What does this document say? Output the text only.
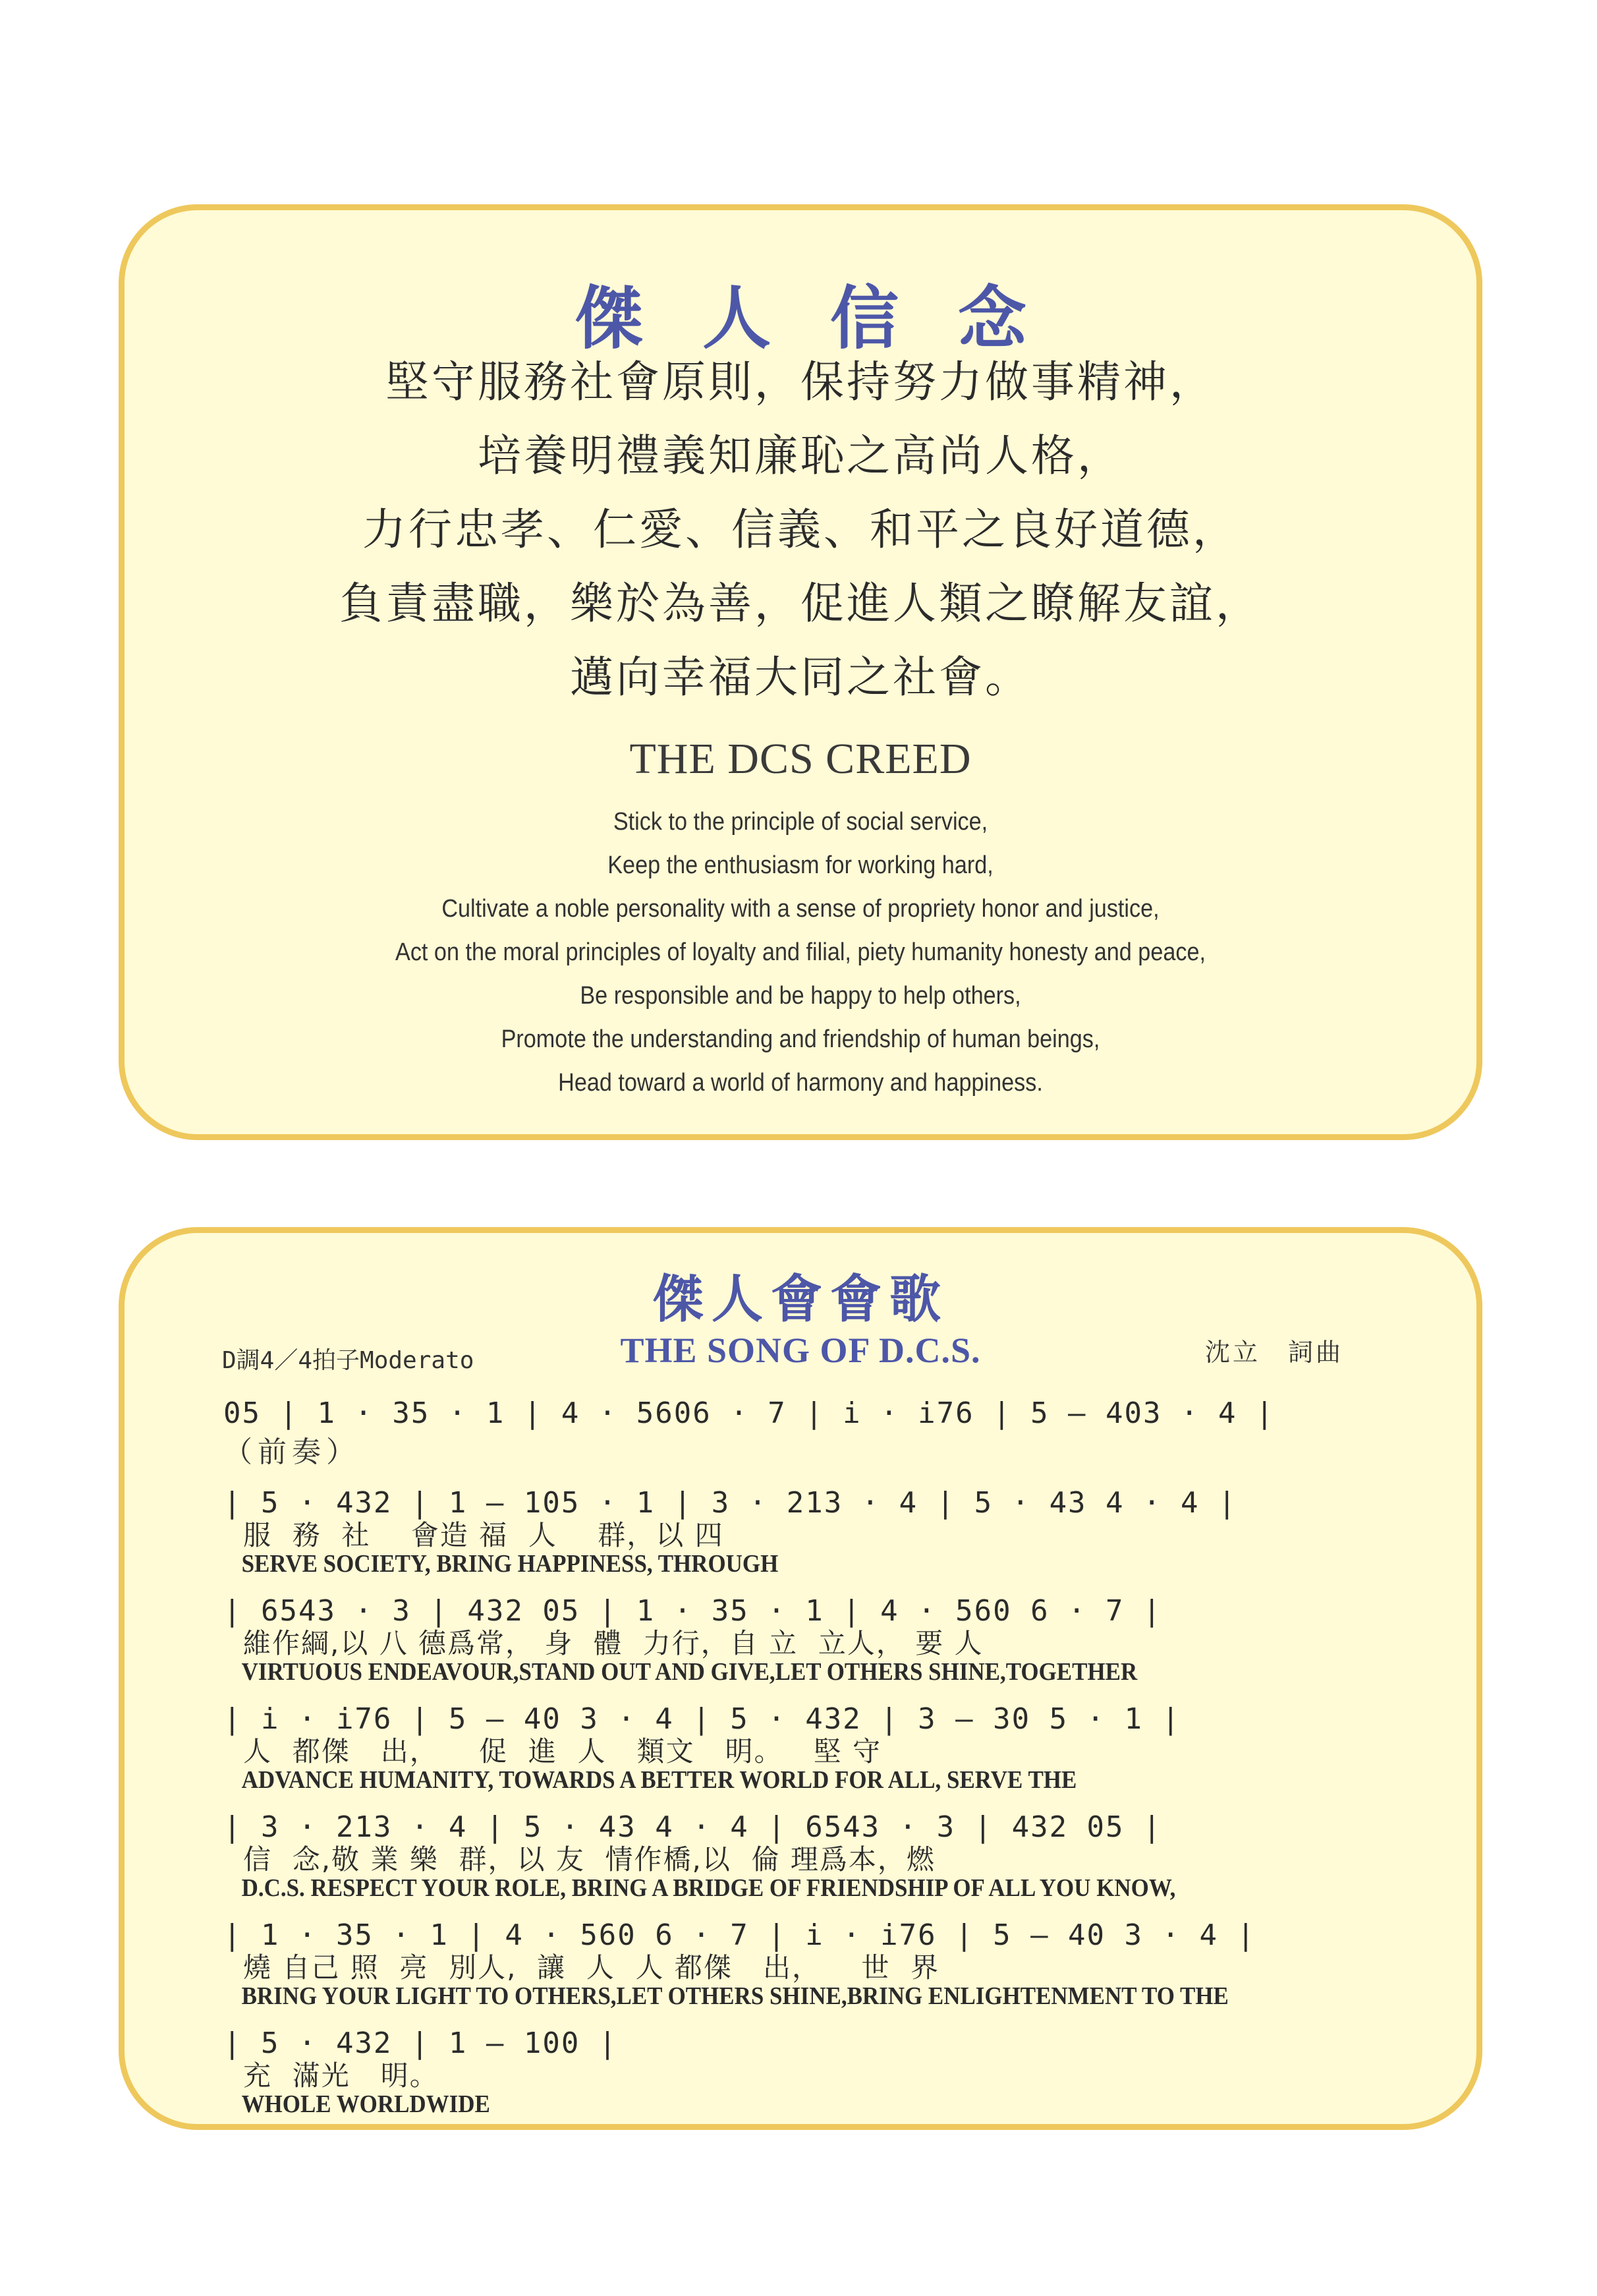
傑人信念
堅守服務社會原則，保持努力做事精神，
培養明禮義知廉恥之高尚人格，
力行忠孝、仁愛、信義、和平之良好道德，
負責盡職，樂於為善，促進人類之瞭解友誼，
邁向幸福大同之社會。
THE DCS CREED
Stick to the principle of social service,
Keep the enthusiasm for working hard,
Cultivate a noble personality with a sense of propriety honor and justice,
Act on the moral principles of loyalty and filial, piety humanity honesty and peace,
Be responsible and be happy to help others,
Promote the understanding and friendship of human beings,
Head toward a world of harmony and happiness.
傑人會會歌
D調4／4拍子Moderato	THE SONG OF D.C.S.	沈立　詞曲
05 | 1 · 35 · 1 | 4 · 5606 · 7 | i · i76 | 5 — 403 · 4 |
（前奏）
| 5 · 432 | 1 — 105 · 1 | 3 · 213 · 4 | 5 · 43 4 · 4 |
服  務  社    會造 福  人    群，以 四
SERVE SOCIETY, BRING HAPPINESS, THROUGH
| 6543 · 3 | 432 05 | 1 · 35 · 1 | 4 · 560 6 · 7 |
維作綱,以 八 德爲常， 身  體  力行，自 立  立人， 要 人
VIRTUOUS ENDEAVOUR,STAND OUT AND GIVE,LET OTHERS SHINE,TOGETHER
| i · i76 | 5 — 40 3 · 4 | 5 · 432 | 3 — 30 5 · 1 |
人  都傑   出，    促  進  人   類文   明。   堅 守
ADVANCE HUMANITY, TOWARDS A BETTER WORLD FOR ALL, SERVE THE
| 3 · 213 · 4 | 5 · 43 4 · 4 | 6543 · 3 | 432 05 |
信  念,敬 業 樂  群，以 友  情作橋,以  倫 理爲本，燃
D.C.S. RESPECT YOUR ROLE, BRING A BRIDGE OF FRIENDSHIP OF ALL YOU KNOW,
| 1 · 35 · 1 | 4 · 560 6 · 7 | i · i76 | 5 — 40 3 · 4 |
燒 自己 照  亮  別人,  讓  人  人 都傑   出，    世  界
BRING YOUR LIGHT TO OTHERS,LET OTHERS SHINE,BRING ENLIGHTENMENT TO THE
| 5 · 432 | 1 — 100 |
充  滿光   明。
WHOLE WORLDWIDE
